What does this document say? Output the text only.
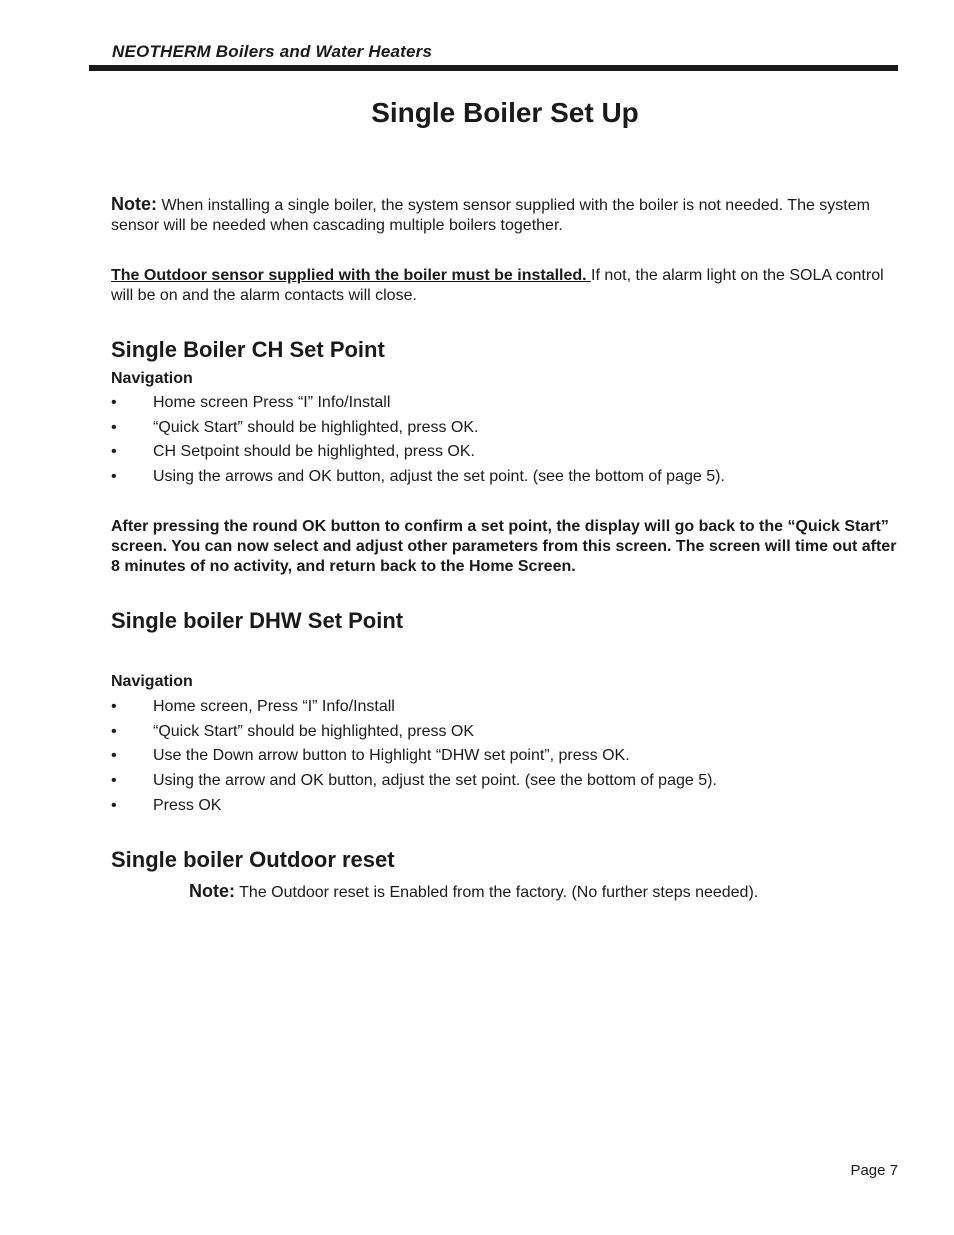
NEOTHERM Boilers and Water Heaters
Single Boiler Set Up
Note: When installing a single boiler, the system sensor supplied with the boiler is not needed. The system sensor will be needed when cascading multiple boilers together.
The Outdoor sensor supplied with the boiler must be installed. If not, the alarm light on the SOLA control will be on and the alarm contacts will close.
Single Boiler CH Set Point
Navigation
•	Home screen Press “I” Info/Install
•	“Quick Start” should be highlighted, press OK.
•	CH Setpoint should be highlighted, press OK.
•	Using the arrows and OK button, adjust the set point. (see the bottom of page 5).
After pressing the round OK button to confirm a set point, the display will go back to the “Quick Start” screen. You can now select and adjust other parameters from this screen. The screen will time out after 8 minutes of no activity, and return back to the Home Screen.
Single boiler DHW Set Point
Navigation
•	Home screen, Press “I” Info/Install
•	“Quick Start” should be highlighted, press OK
•	Use the Down arrow button to Highlight “DHW set point”, press OK.
•	Using the arrow and OK button, adjust the set point. (see the bottom of page 5).
•	Press OK
Single boiler Outdoor reset
Note: The Outdoor reset is Enabled from the factory. (No further steps needed).
Page 7
